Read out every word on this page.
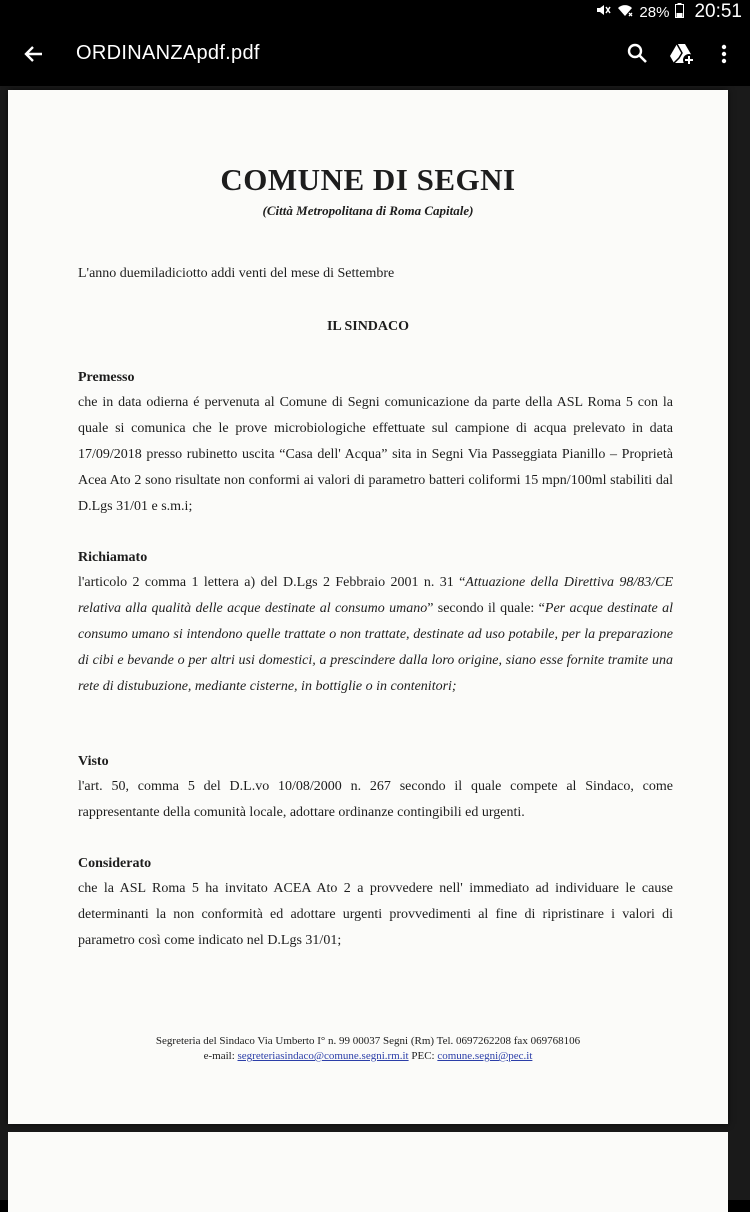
28% 20:51
ORDINANZApdf.pdf
COMUNE DI SEGNI
(Città Metropolitana di Roma Capitale)
L'anno duemiladiciotto addi venti del mese di Settembre
IL SINDACO
Premesso
che in data odierna é pervenuta al Comune di Segni comunicazione da parte della ASL Roma 5 con la quale si comunica che le prove microbiologiche effettuate sul campione di acqua prelevato in data 17/09/2018 presso rubinetto uscita “Casa dell' Acqua” sita in Segni Via Passeggiata Pianillo – Proprietà Acea Ato 2 sono risultate non conformi ai valori di parametro batteri coliformi 15 mpn/100ml stabiliti dal D.Lgs 31/01 e s.m.i;
Richiamato
l'articolo 2 comma 1 lettera a) del D.Lgs 2 Febbraio 2001 n. 31 “Attuazione della Direttiva 98/83/CE relativa alla qualità delle acque destinate al consumo umano” secondo il quale: “Per acque destinate al consumo umano si intendono quelle trattate o non trattate, destinate ad uso potabile, per la preparazione di cibi e bevande o per altri usi domestici, a prescindere dalla loro origine, siano esse fornite tramite una rete di distubuzione, mediante cisterne, in bottiglie o in contenitori;
Visto
l'art. 50, comma 5 del D.L.vo 10/08/2000 n. 267 secondo il quale compete al Sindaco, come rappresentante della comunità locale, adottare ordinanze contingibili ed urgenti.
Considerato
che la ASL Roma 5 ha invitato ACEA Ato 2 a provvedere nell' immediato ad individuare le cause determinanti la non conformità ed adottare urgenti provvedimenti al fine di ripristinare i valori di parametro così come indicato nel D.Lgs 31/01;
Segreteria del Sindaco Via Umberto I° n. 99 00037 Segni (Rm) Tel. 0697262208 fax 069768106
e-mail: segreteriasindaco@comune.segni.rm.it PEC: comune.segni@pec.it
